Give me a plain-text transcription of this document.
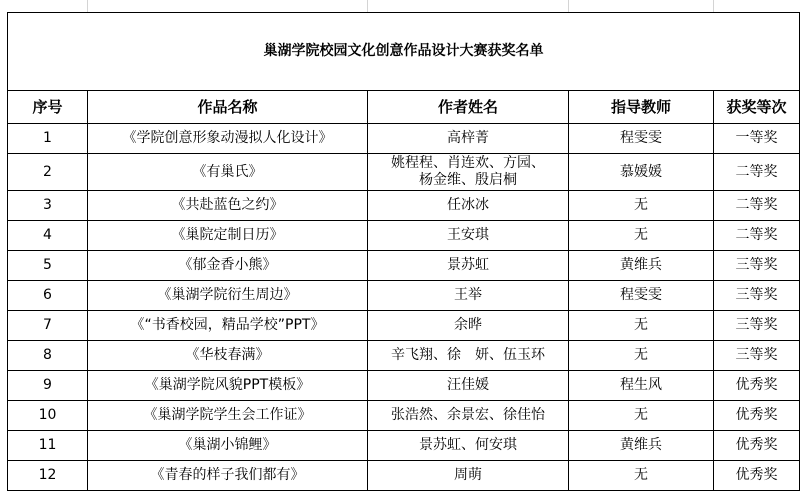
巢湖学院校园文化创意作品设计大赛获奖名单				
序号	作品名称	作者姓名	指导教师	获奖等次
1	《学院创意形象动漫拟人化设计》	高梓菁	程雯雯	一等奖
2	《有巢氏》	姚程程、肖连欢、方园、
杨金维、殷启桐	慕媛媛	二等奖
3	《共赴蓝色之约》	任冰冰	无	二等奖
4	《巢院定制日历》	王安琪	无	二等奖
5	《郁金香小熊》	景苏虹	黄维兵	三等奖
6	《巢湖学院衍生周边》	王举	程雯雯	三等奖
7	《“书香校园，精品学校”PPT》	余晔	无	三等奖
8	《华枝春满》	辛飞翔、徐　妍、伍玉环	无	三等奖
9	《巢湖学院风貌PPT模板》	汪佳媛	程生风	优秀奖
10	《巢湖学院学生会工作证》	张浩然、余景宏、徐佳怡	无	优秀奖
11	《巢湖小锦鲤》	景苏虹、何安琪	黄维兵	优秀奖
12	《青春的样子我们都有》	周萌	无	优秀奖
